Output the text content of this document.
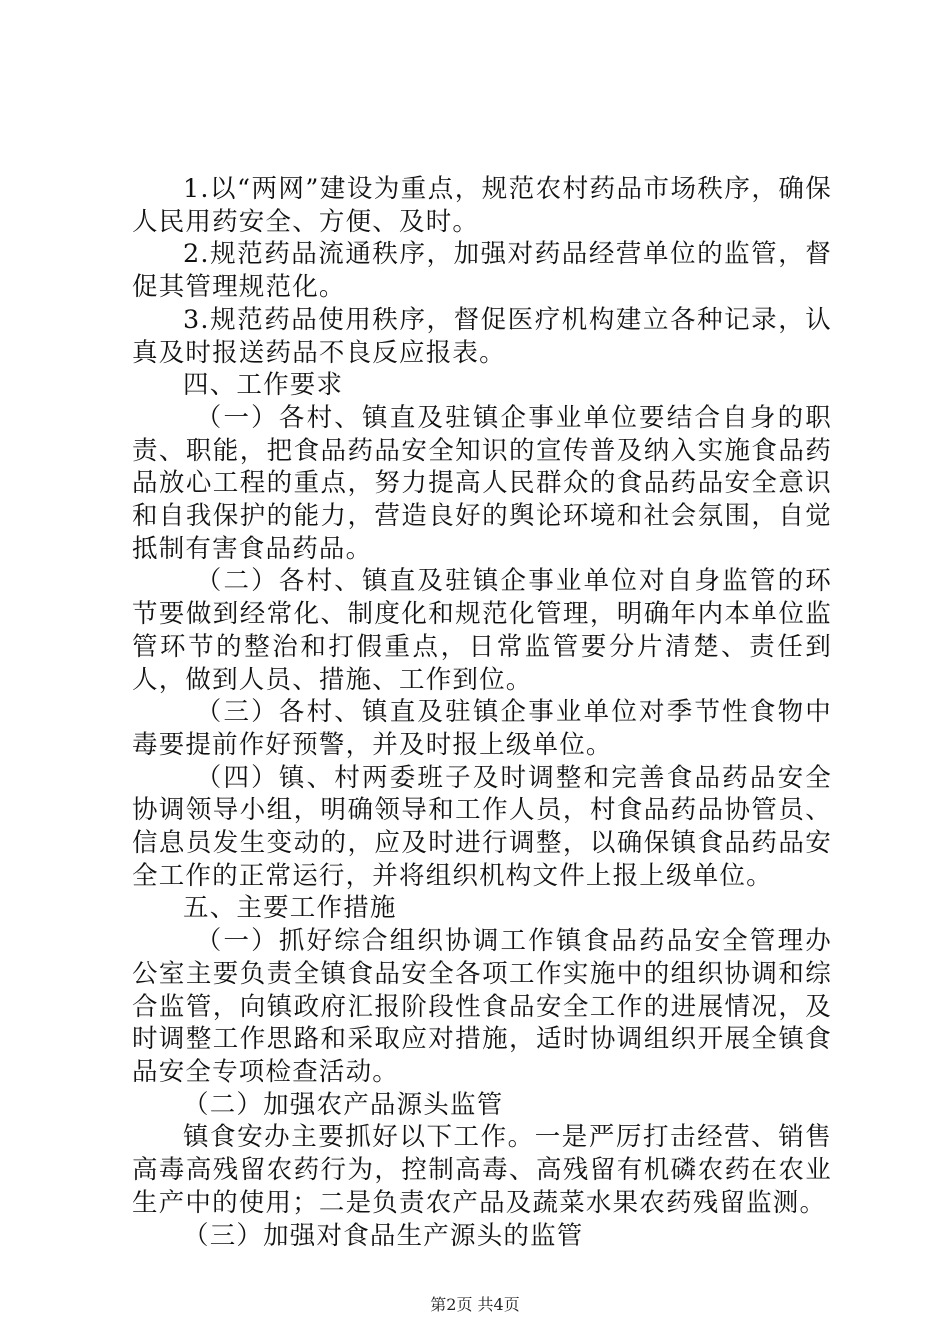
1.以“两网”建设为重点，规范农村药品市场秩序，确保人民用药安全、方便、及时。

2.规范药品流通秩序，加强对药品经营单位的监管，督促其管理规范化。

3.规范药品使用秩序，督促医疗机构建立各种记录，认真及时报送药品不良反应报表。

四、工作要求

（一）各村、镇直及驻镇企事业单位要结合自身的职责、职能，把食品药品安全知识的宣传普及纳入实施食品药品放心工程的重点，努力提高人民群众的食品药品安全意识和自我保护的能力，营造良好的舆论环境和社会氛围，自觉抵制有害食品药品。

（二）各村、镇直及驻镇企事业单位对自身监管的环节要做到经常化、制度化和规范化管理，明确年内本单位监管环节的整治和打假重点，日常监管要分片清楚、责任到人，做到人员、措施、工作到位。

（三）各村、镇直及驻镇企事业单位对季节性食物中毒要提前作好预警，并及时报上级单位。

（四）镇、村两委班子及时调整和完善食品药品安全协调领导小组，明确领导和工作人员，村食品药品协管员、信息员发生变动的，应及时进行调整，以确保镇食品药品安全工作的正常运行，并将组织机构文件上报上级单位。

五、主要工作措施

（一）抓好综合组织协调工作镇食品药品安全管理办公室主要负责全镇食品安全各项工作实施中的组织协调和综合监管，向镇政府汇报阶段性食品安全工作的进展情况，及时调整工作思路和采取应对措施，适时协调组织开展全镇食品安全专项检查活动。

（二）加强农产品源头监管

镇食安办主要抓好以下工作。一是严厉打击经营、销售高毒高残留农药行为，控制高毒、高残留有机磷农药在农业生产中的使用；二是负责农产品及蔬菜水果农药残留监测。

（三）加强对食品生产源头的监管

第2页 共4页
